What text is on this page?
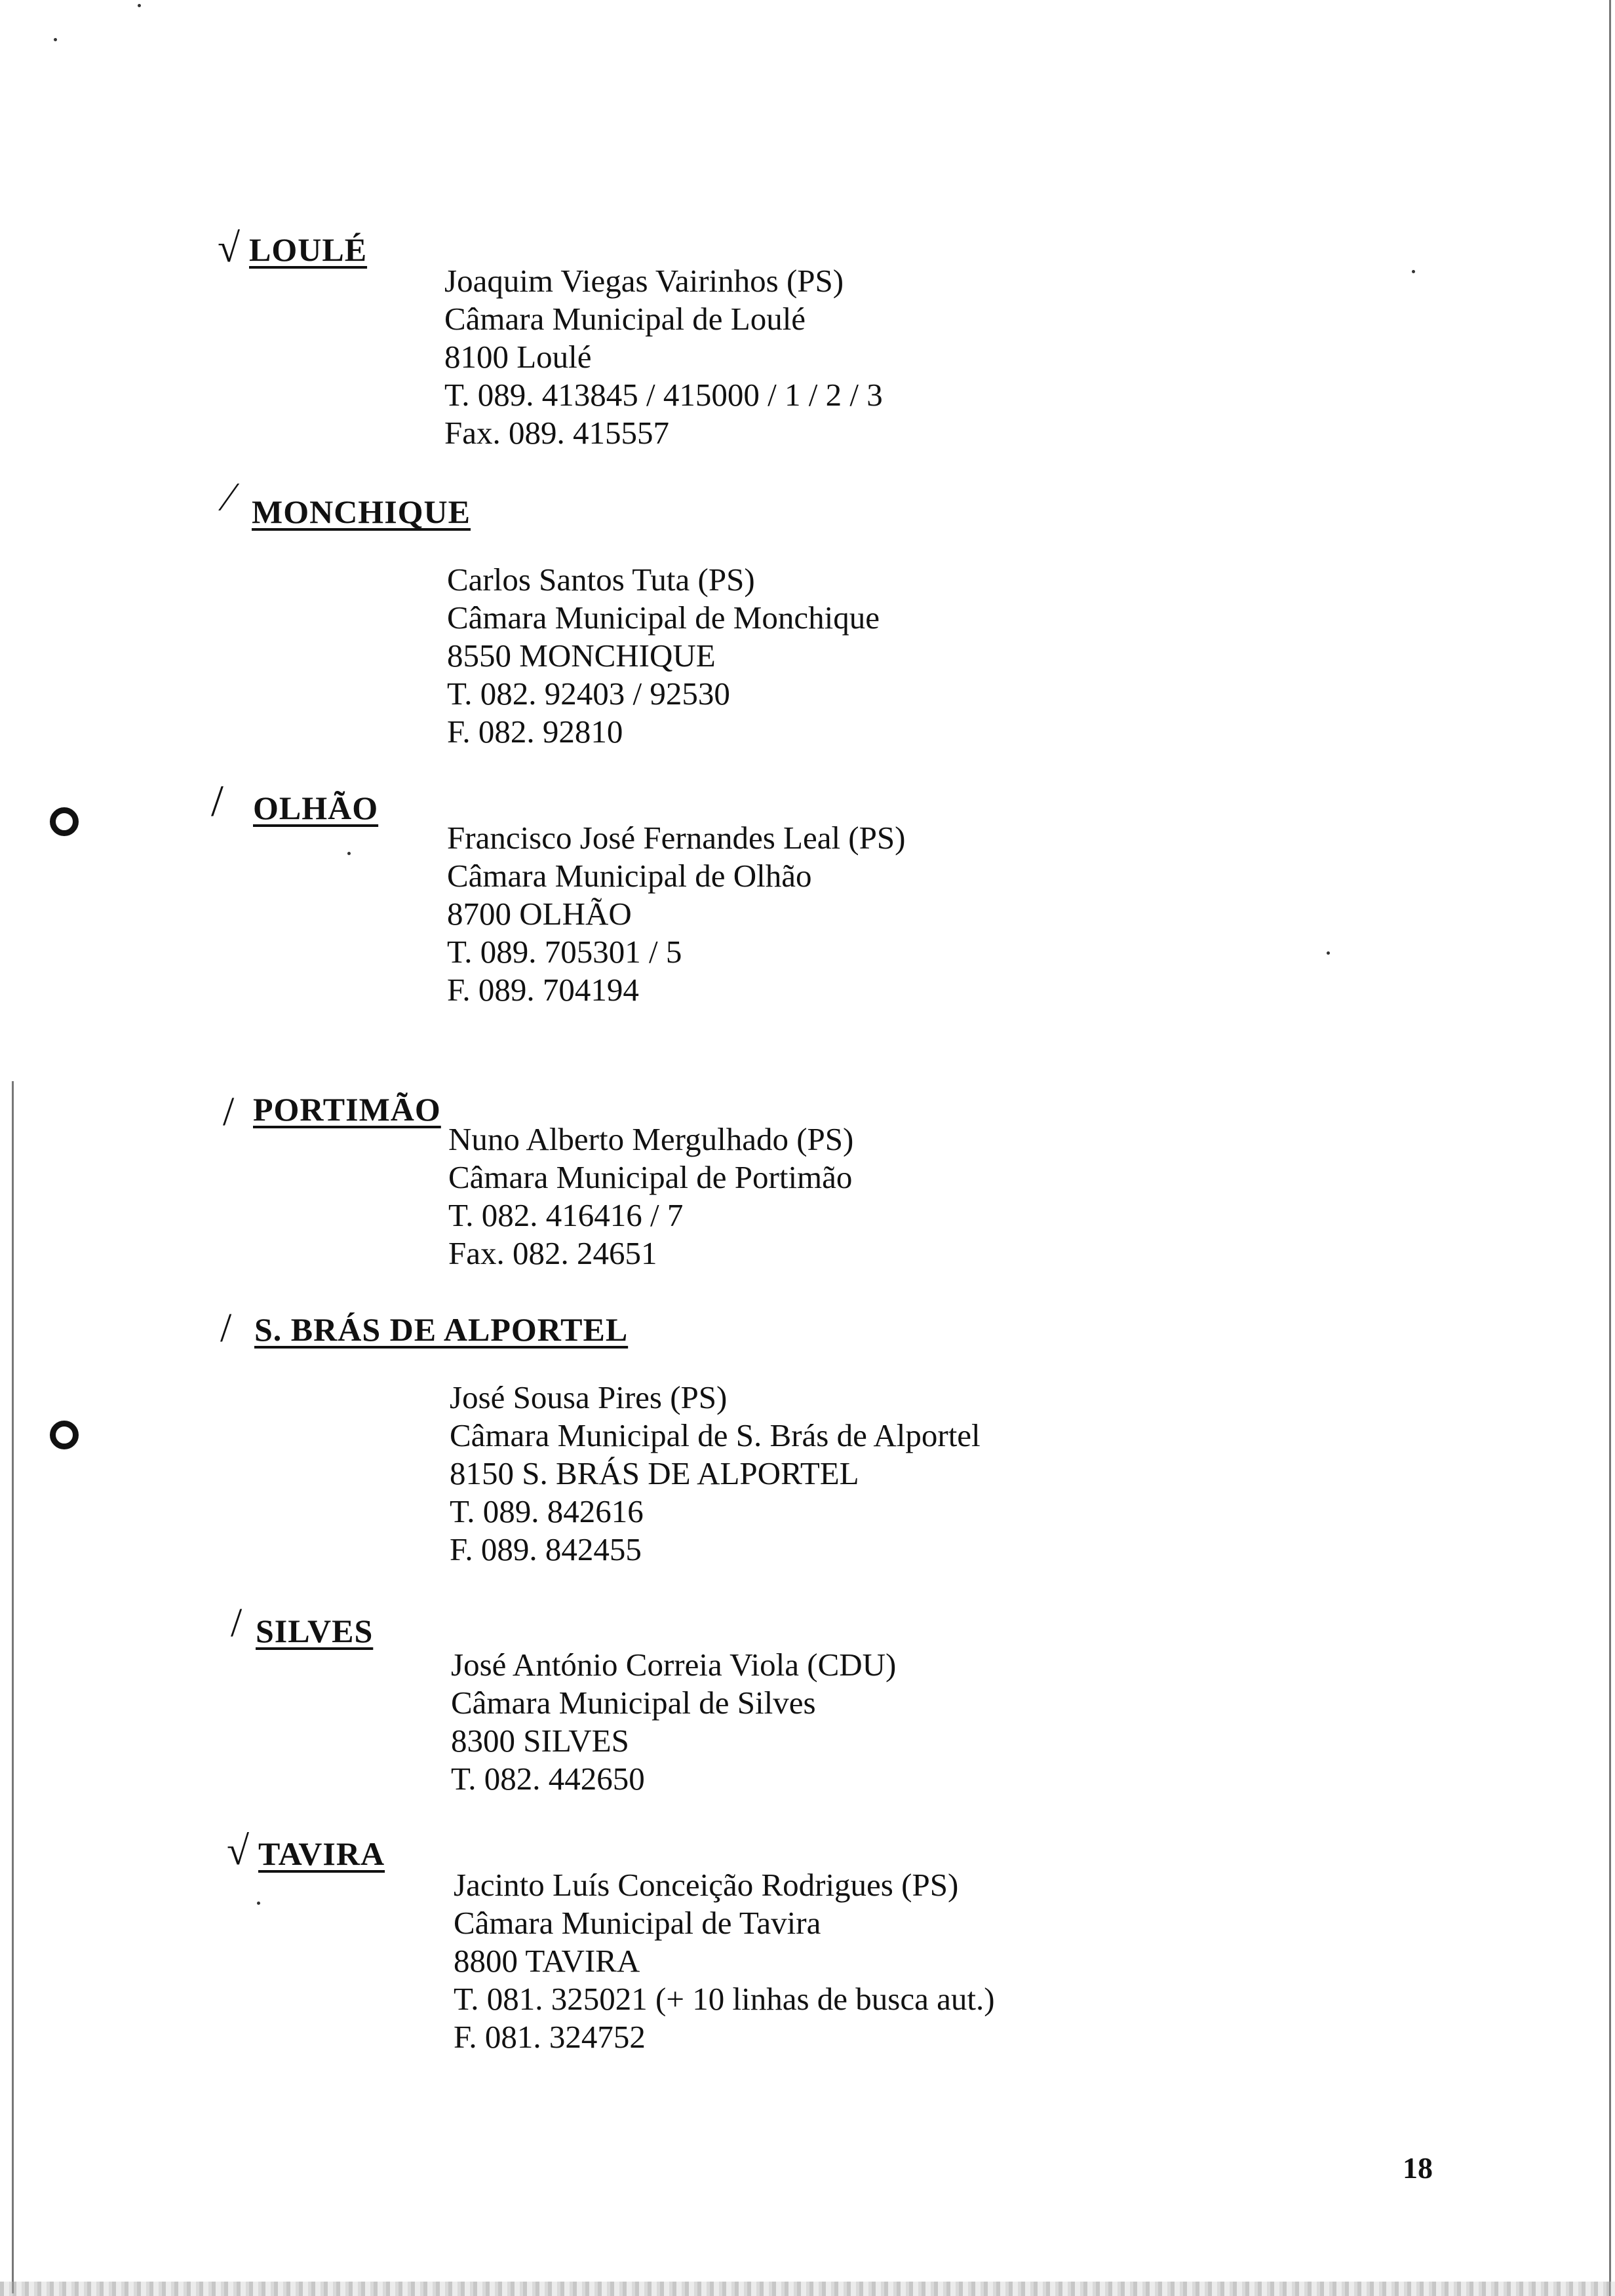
√ LOULÉ
Joaquim Viegas Vairinhos (PS)
Câmara Municipal de Loulé
8100 Loulé
T. 089. 413845 / 415000 / 1 / 2 / 3
Fax. 089. 415557
⁄ MONCHIQUE
Carlos Santos Tuta (PS)
Câmara Municipal de Monchique
8550 MONCHIQUE
T. 082. 92403 / 92530
F. 082. 92810
/ OLHÃO
Francisco José Fernandes Leal (PS)
Câmara Municipal de Olhão
8700 OLHÃO
T. 089. 705301 / 5
F. 089. 704194
/ PORTIMÃO
Nuno Alberto Mergulhado (PS)
Câmara Municipal de Portimão
T. 082. 416416 / 7
Fax. 082. 24651
/ S. BRÁS DE ALPORTEL
José Sousa Pires (PS)
Câmara Municipal de S. Brás de Alportel
8150 S. BRÁS DE ALPORTEL
T. 089. 842616
F. 089. 842455
/ SILVES
José António Correia Viola (CDU)
Câmara Municipal de Silves
8300 SILVES
T. 082. 442650
√ TAVIRA
Jacinto Luís Conceição Rodrigues (PS)
Câmara Municipal de Tavira
8800 TAVIRA
T. 081. 325021 (+ 10 linhas de busca aut.)
F. 081. 324752
18
